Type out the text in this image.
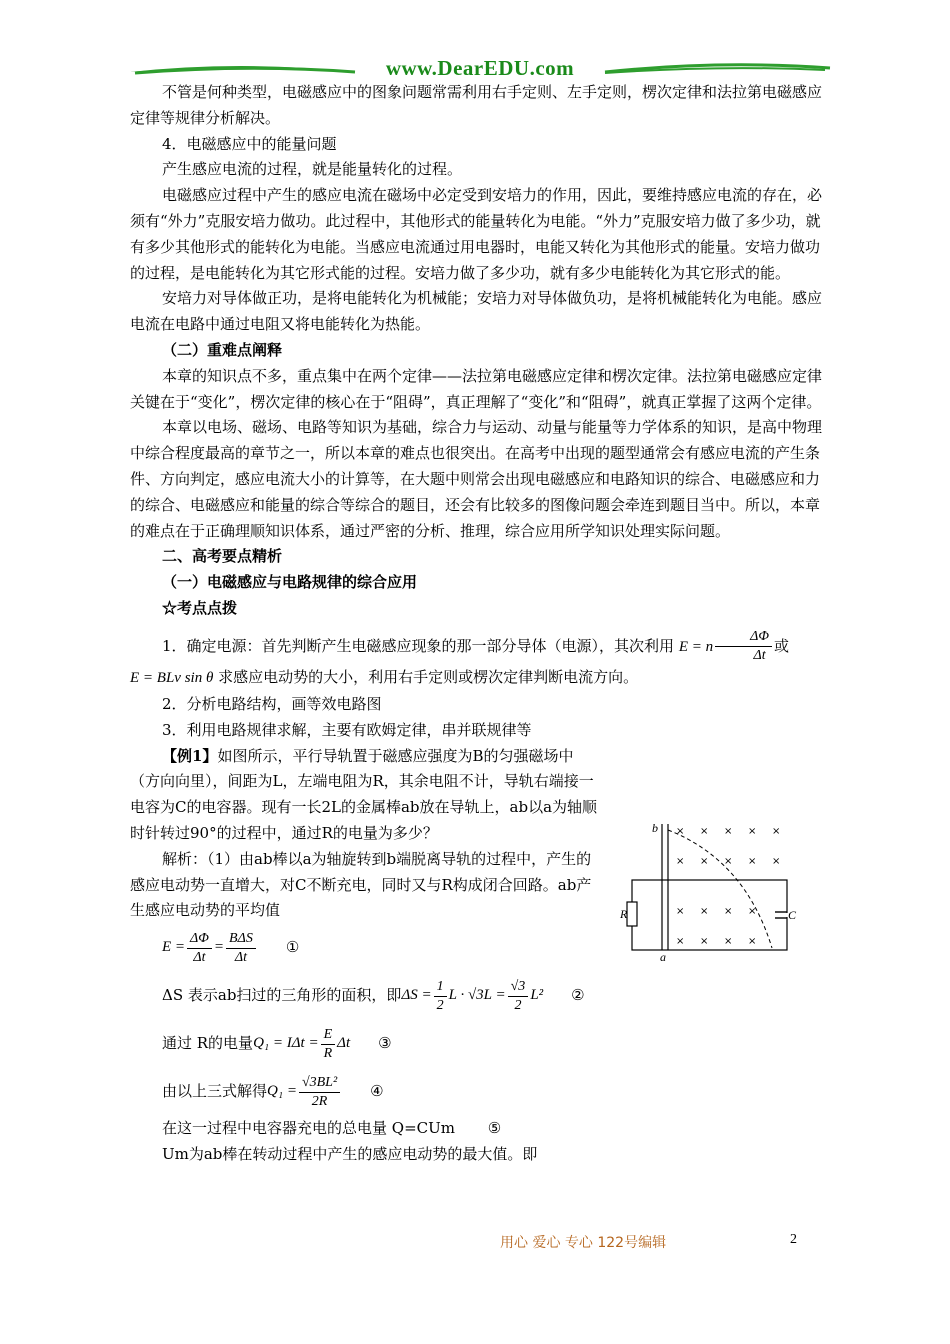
www.DearEDU.com

不管是何种类型，电磁感应中的图象问题常需利用右手定则、左手定则，楞次定律和法拉第电磁感应定律等规律分析解决。

4．电磁感应中的能量问题

产生感应电流的过程，就是能量转化的过程。

电磁感应过程中产生的感应电流在磁场中必定受到安培力的作用，因此，要维持感应电流的存在，必须有“外力”克服安培力做功。此过程中，其他形式的能量转化为电能。“外力”克服安培力做了多少功，就有多少其他形式的能转化为电能。当感应电流通过用电器时，电能又转化为其他形式的能量。安培力做功的过程，是电能转化为其它形式能的过程。安培力做了多少功，就有多少电能转化为其它形式的能。

安培力对导体做正功，是将电能转化为机械能；安培力对导体做负功，是将机械能转化为电能。感应电流在电路中通过电阻又将电能转化为热能。

（二）重难点阐释

本章的知识点不多，重点集中在两个定律——法拉第电磁感应定律和楞次定律。法拉第电磁感应定律关键在于“变化”，楞次定律的核心在于“阻碍”，真正理解了“变化”和“阻碍”，就真正掌握了这两个定律。

本章以电场、磁场、电路等知识为基础，综合力与运动、动量与能量等力学体系的知识，是高中物理中综合程度最高的章节之一，所以本章的难点也很突出。在高考中出现的题型通常会有感应电流的产生条件、方向判定，感应电流大小的计算等，在大题中则常会出现电磁感应和电路知识的综合、电磁感应和力的综合、电磁感应和能量的综合等综合的题目，还会有比较多的图像问题会牵连到题目当中。所以，本章的难点在于正确理顺知识体系，通过严密的分析、推理，综合应用所学知识处理实际问题。

二、高考要点精析

（一）电磁感应与电路规律的综合应用

☆考点点拨

1．确定电源：首先判断产生电磁感应现象的那一部分导体（电源），其次利用 E = n $\frac{\Delta\Phi}{\Delta t}$ 或

E = BLv sin θ 求感应电动势的大小，利用右手定则或楞次定律判断电流方向。

2．分析电路结构，画等效电路图

3．利用电路规律求解，主要有欧姆定律，串并联规律等

【例1】如图所示，平行导轨置于磁感应强度为B的匀强磁场中（方向向里），间距为L，左端电阻为R，其余电阻不计，导轨右端接一电容为C的电容器。现有一长2L的金属棒ab放在导轨上，ab以a为轴顺时针转过90°的过程中，通过R的电量为多少？

解析：（1）由ab棒以a为轴旋转到b端脱离导轨的过程中，产生的感应电动势一直增大，对C不断充电，同时又与R构成闭合回路。ab产生感应电动势的平均值

$E = \frac{\Delta\Phi}{\Delta t} = \frac{\text{BΔS}}{\Delta t}$ ①
ΔS 表示ab扫过的三角形的面积，即 $\Delta S = \frac{1}{2}$ $L \cdot √3L = \frac{√3}{2} L^2$ ②
通过 R的电量 $Q_1 = I\Delta t = \frac{E}{R}$ Δt ③
由以上三式解得 $Q_1 = \frac{\text{√3BL²}}{2R}$ ④
在这一过程中电容器充电的总电量 Q=CUm ⑤

Um为ab棒在转动过程中产生的感应电动势的最大值。即

× × × × ×
× × × × ×
× × × ×
× × × ×
b
a
R	C
用心 爱心 专心 122号编辑	2
